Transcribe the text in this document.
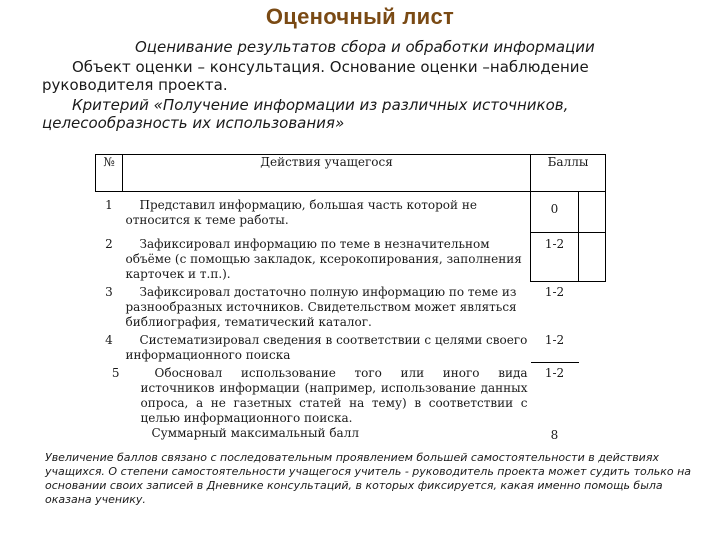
Оценочный лист
Оценивание результатов сбора и обработки информации
Объект оценки – консультация. Основание оценки –наблюдение руководителя проекта.
Критерий «Получение информации из различных источников, целесообразность их использования»
№	Действия учащегося	Баллы	
1	Представил информацию, большая часть которой не относится к теме работы.	0	
2	Зафиксировал информацию по теме в незначительном объёме (с помощью закладок, ксерокопирования, заполнения карточек и т.п.).	1-2	
3	Зафиксировал достаточно полную информацию по теме из разнообразных источников. Свидетельством может являться библиография, тематический каталог.	1-2	
4	Систематизировал сведения в соответствии с целями своего информационного поиска	1-2	
5	Обосновал использование того или иного вида источников информации (например, использование данных опроса, а не газетных статей на тему) в соответствии с целью информационного поиска.	1-2	
	Суммарный максимальный балл	8	
Увеличение баллов связано с последовательным проявлением большей самостоятельности в действиях учащихся. О степени самостоятельности учащегося учитель - руководитель проекта может судить только на основании своих записей в Дневнике консультаций, в которых фиксируется, какая именно помощь была оказана ученику.
